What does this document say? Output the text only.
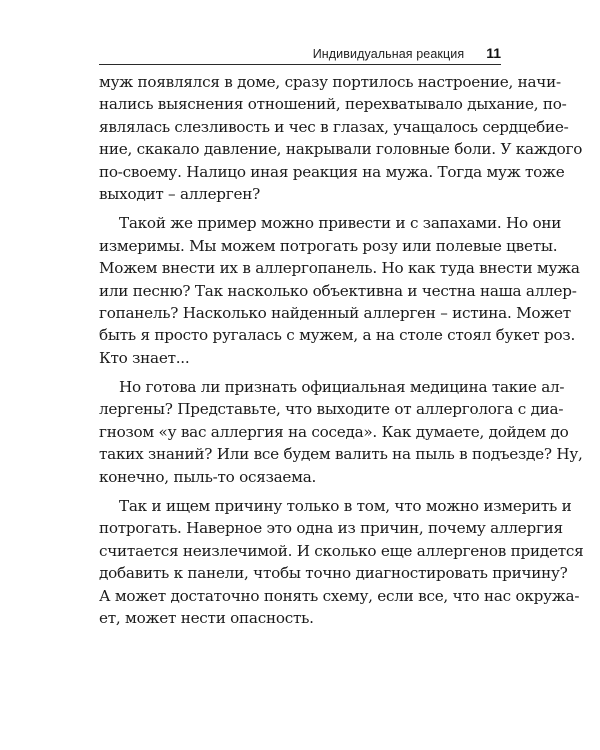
Индивидуальная реакция 11
муж появлялся в доме, сразу портилось настроение, начи-
нались выяснения отношений, перехватывало дыхание, по-
являлась слезливость и чес в глазах, учащалось сердцебие-
ние, скакало давление, накрывали головные боли. У каждого
по-своему. Налицо иная реакция на мужа. Тогда муж тоже
выходит – аллерген?
Такой же пример можно привести и с запахами. Но они
измеримы. Мы можем потрогать розу или полевые цветы.
Можем внести их в аллергопанель. Но как туда внести мужа
или песню? Так насколько объективна и честна наша аллер-
гопанель? Насколько найденный аллерген – истина. Может
быть я просто ругалась с мужем, а на столе стоял букет роз.
Кто знает...
Но готова ли признать официальная медицина такие ал-
лергены? Представьте, что выходите от аллерголога с диа-
гнозом «у вас аллергия на соседа». Как думаете, дойдем до
таких знаний? Или все будем валить на пыль в подъезде? Ну,
конечно, пыль-то осязаема.
Так и ищем причину только в том, что можно измерить и
потрогать. Наверное это одна из причин, почему аллергия
считается неизлечимой. И сколько еще аллергенов придется
добавить к панели, чтобы точно диагностировать причину?
А может достаточно понять схему, если все, что нас окружа-
ет, может нести опасность.
